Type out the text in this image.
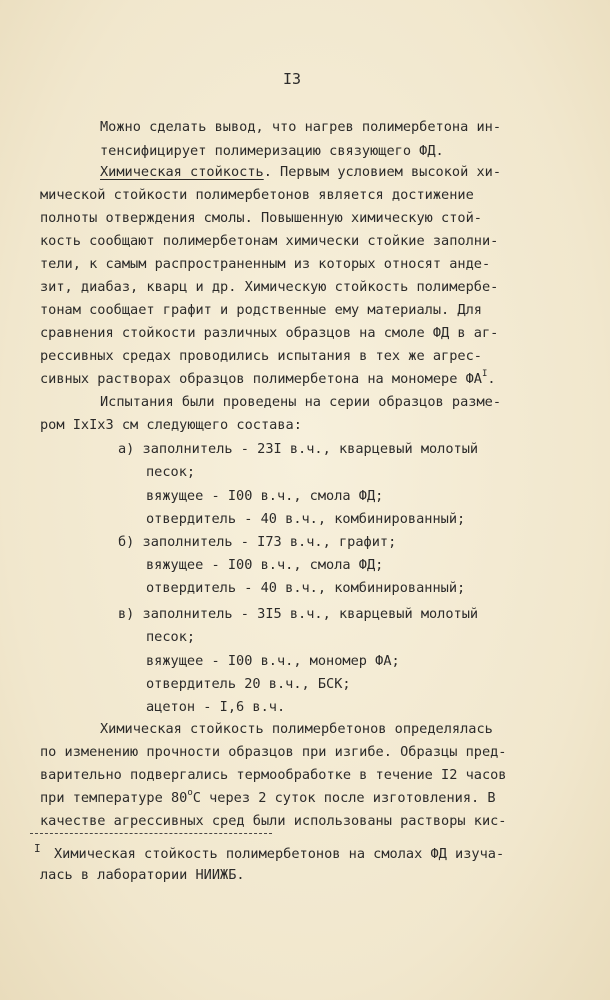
I3

Можно сделать вывод, что нагрев полимербетона ин-

тенсифицирует полимеризацию связующего ФД.

Химическая стойкость. Первым условием высокой хи-

мической стойкости полимербетонов является достижение

полноты отверждения смолы. Повышенную химическую стой-

кость сообщают полимербетонам химически стойкие заполни-

тели, к самым распространенным из которых относят анде-

зит, диабаз, кварц и др. Химическую стойкость полимербе-

тонам сообщает графит и родственные ему материалы. Для

сравнения стойкости различных образцов на смоле ФД в аг-

рессивных средах проводились испытания в тех же агрес-

сивных растворах образцов полимербетона на мономере $ФА^I$.

Испытания были проведены на серии образцов размe-

ром IxIx3 см следующего состава:

а) заполнитель - 23I в.ч., кварцевый молотый

песок;

вяжущее - I00 в.ч., смола ФД;

отвердитель - 40 в.ч., комбинированный;

б) заполнитель - I73 в.ч., графит;

вяжущее - I00 в.ч., смола ФД;

отвердитель - 40 в.ч., комбинированный;

в) заполнитель - 3I5 в.ч., кварцевый молотый

песок;

вяжущее - I00 в.ч., мономер ФА;

отвердитель 20 в.ч., БСК;

ацетон - I,6 в.ч.

Химическая стойкость полимербетонов определялась

по изменению прочности образцов при изгибе. Образцы пред-

варительно подвергались термообработке в течение I2 часов

при температуре 80$^o$С через 2 суток после изготовления. В

качестве агрессивных сред были использованы растворы кис-

I Химическая стойкость полимербетонов на смолах ФД изуча-

лась в лаборатории НИИЖБ.
